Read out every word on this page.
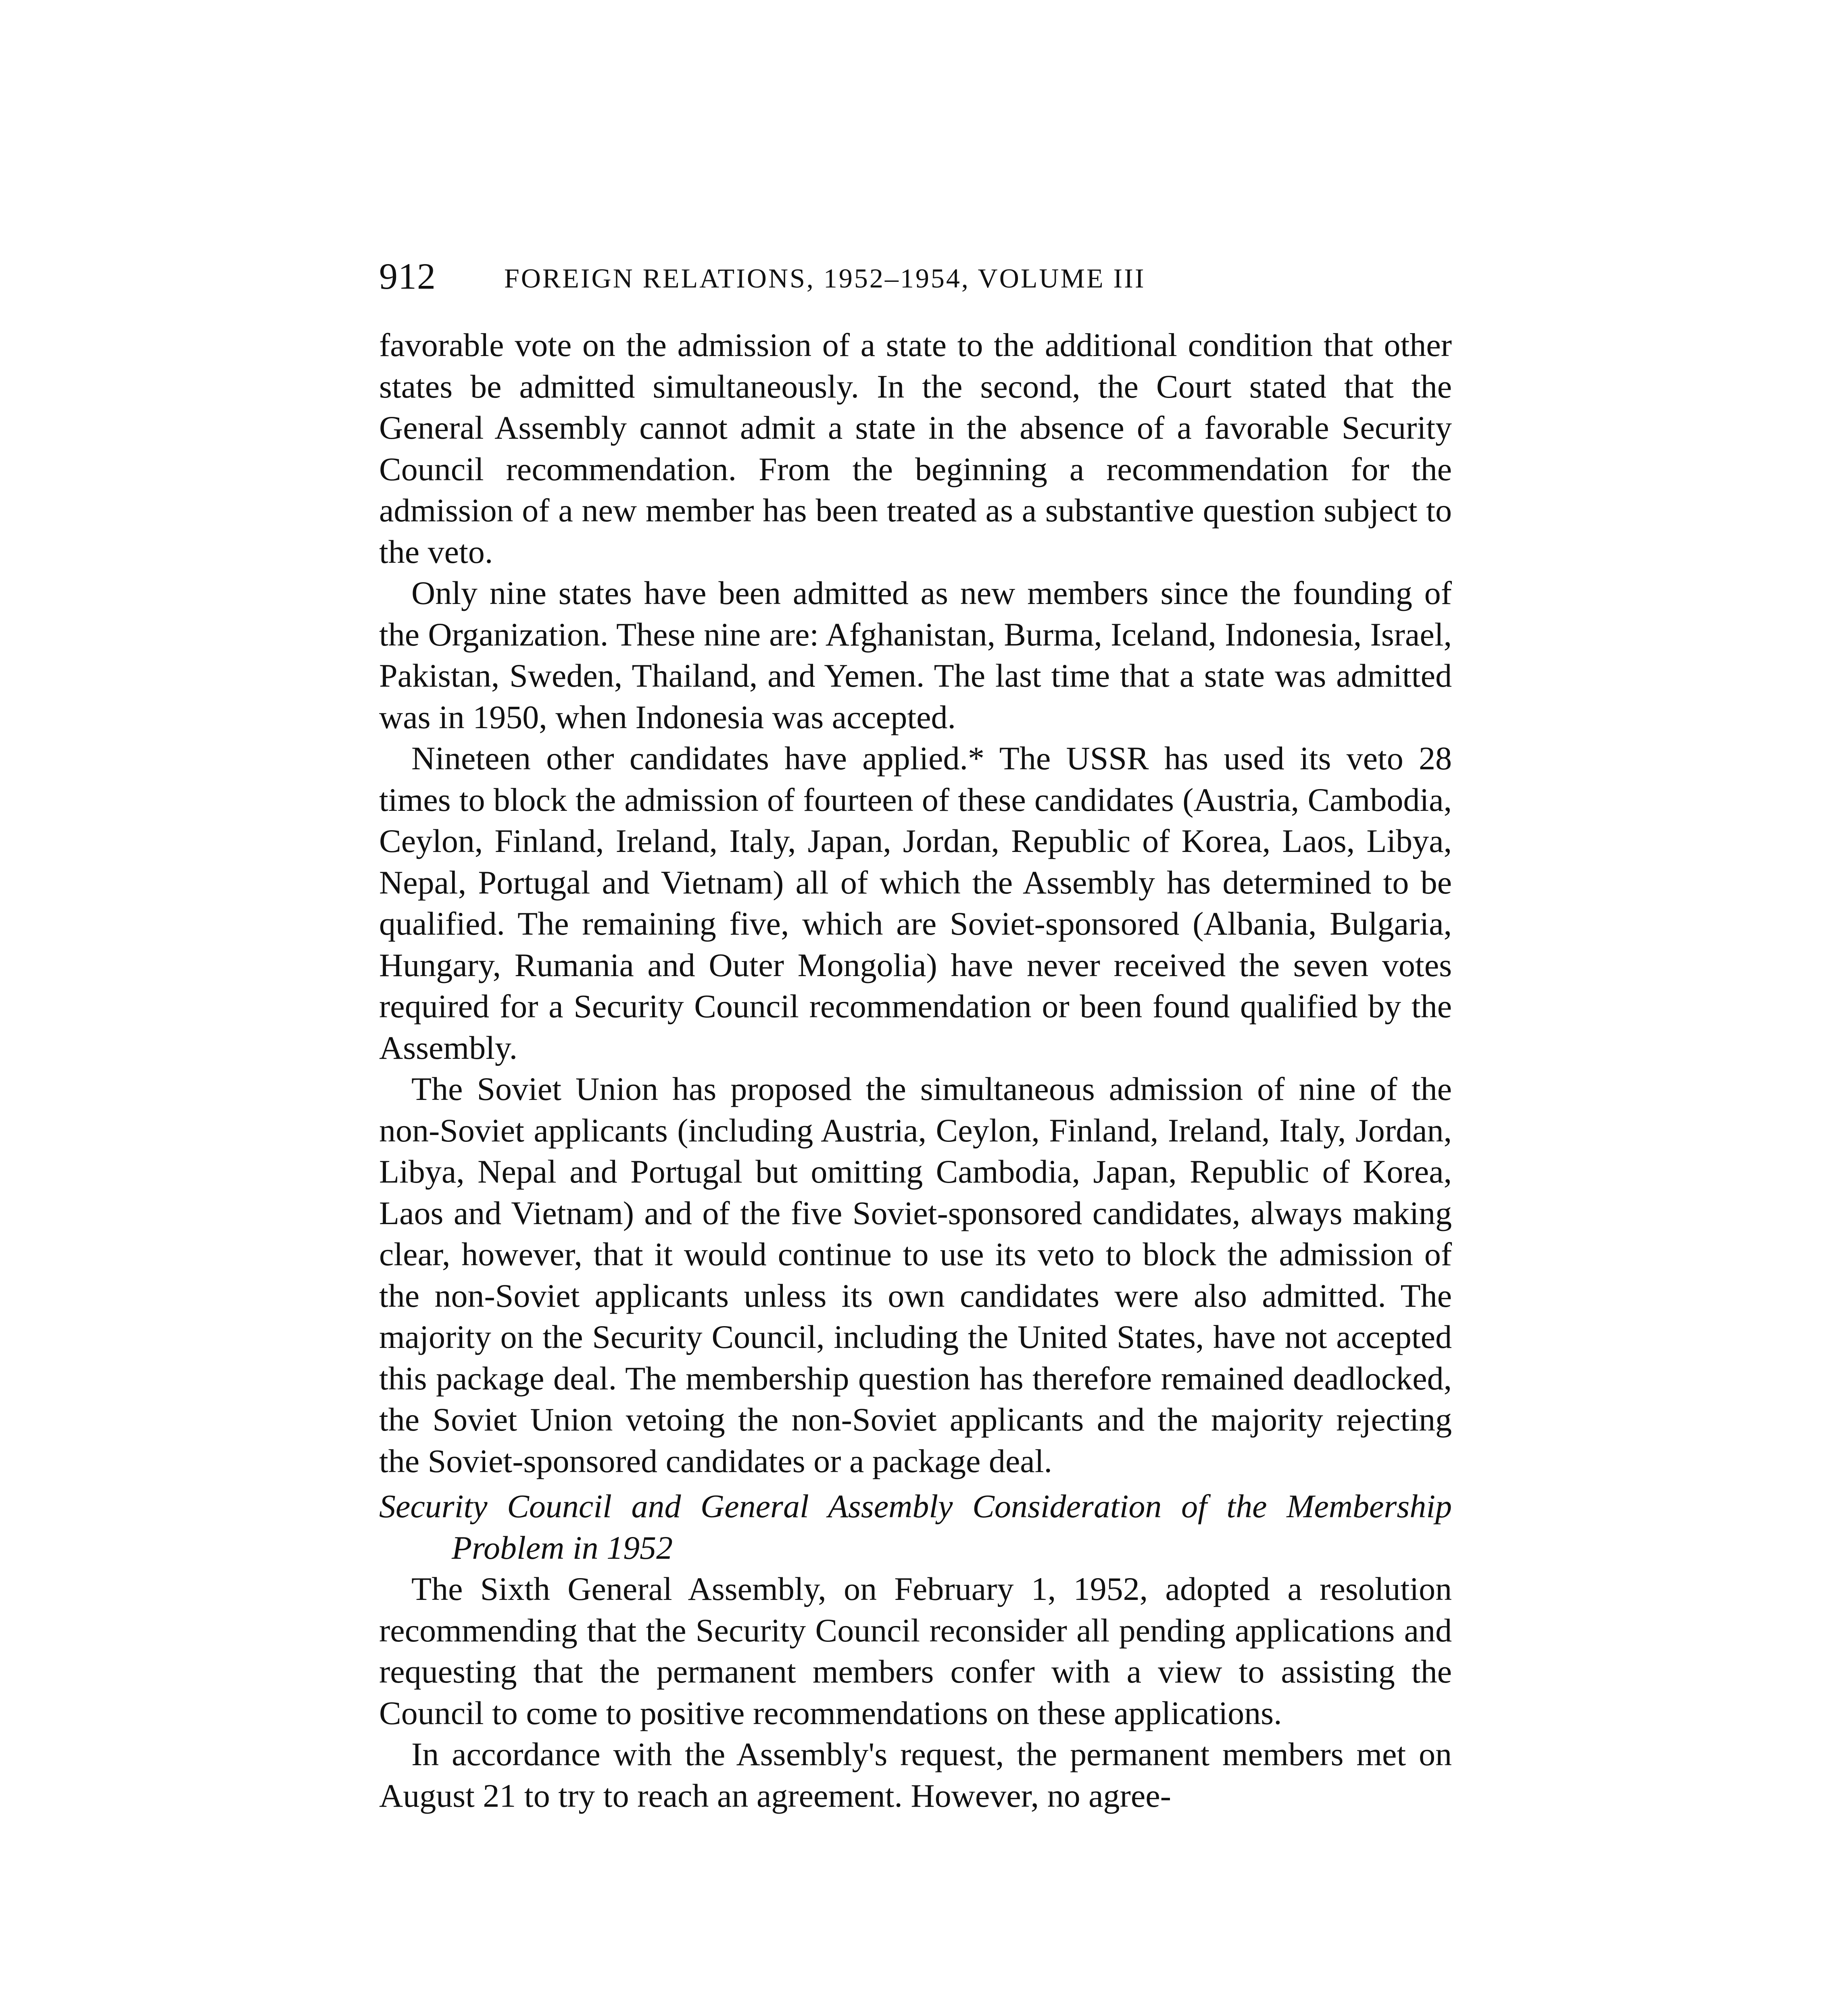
912 FOREIGN RELATIONS, 1952–1954, VOLUME III

favorable vote on the admission of a state to the additional condition that other states be admitted simultaneously. In the second, the Court stated that the General Assembly cannot admit a state in the absence of a favorable Security Council recommendation. From the beginning a recommendation for the admission of a new member has been treated as a substantive question subject to the veto.

Only nine states have been admitted as new members since the founding of the Organization. These nine are: Afghanistan, Burma, Iceland, Indonesia, Israel, Pakistan, Sweden, Thailand, and Yemen. The last time that a state was admitted was in 1950, when Indonesia was accepted.

Nineteen other candidates have applied.* The USSR has used its veto 28 times to block the admission of fourteen of these candidates (Austria, Cambodia, Ceylon, Finland, Ireland, Italy, Japan, Jordan, Republic of Korea, Laos, Libya, Nepal, Portugal and Vietnam) all of which the Assembly has determined to be qualified. The remaining five, which are Soviet-sponsored (Albania, Bulgaria, Hungary, Rumania and Outer Mongolia) have never received the seven votes required for a Security Council recommendation or been found qualified by the Assembly.

The Soviet Union has proposed the simultaneous admission of nine of the non-Soviet applicants (including Austria, Ceylon, Finland, Ireland, Italy, Jordan, Libya, Nepal and Portugal but omitting Cambodia, Japan, Republic of Korea, Laos and Vietnam) and of the five Soviet-sponsored candidates, always making clear, however, that it would continue to use its veto to block the admission of the non-Soviet applicants unless its own candidates were also admitted. The majority on the Security Council, including the United States, have not accepted this package deal. The membership question has therefore remained deadlocked, the Soviet Union vetoing the non-Soviet applicants and the majority rejecting the Soviet-sponsored candidates or a package deal.

Security Council and General Assembly Consideration of the Membership Problem in 1952

The Sixth General Assembly, on February 1, 1952, adopted a resolution recommending that the Security Council reconsider all pending applications and requesting that the permanent members confer with a view to assisting the Council to come to positive recommendations on these applications.

In accordance with the Assembly's request, the permanent members met on August 21 to try to reach an agreement. However, no agree-
